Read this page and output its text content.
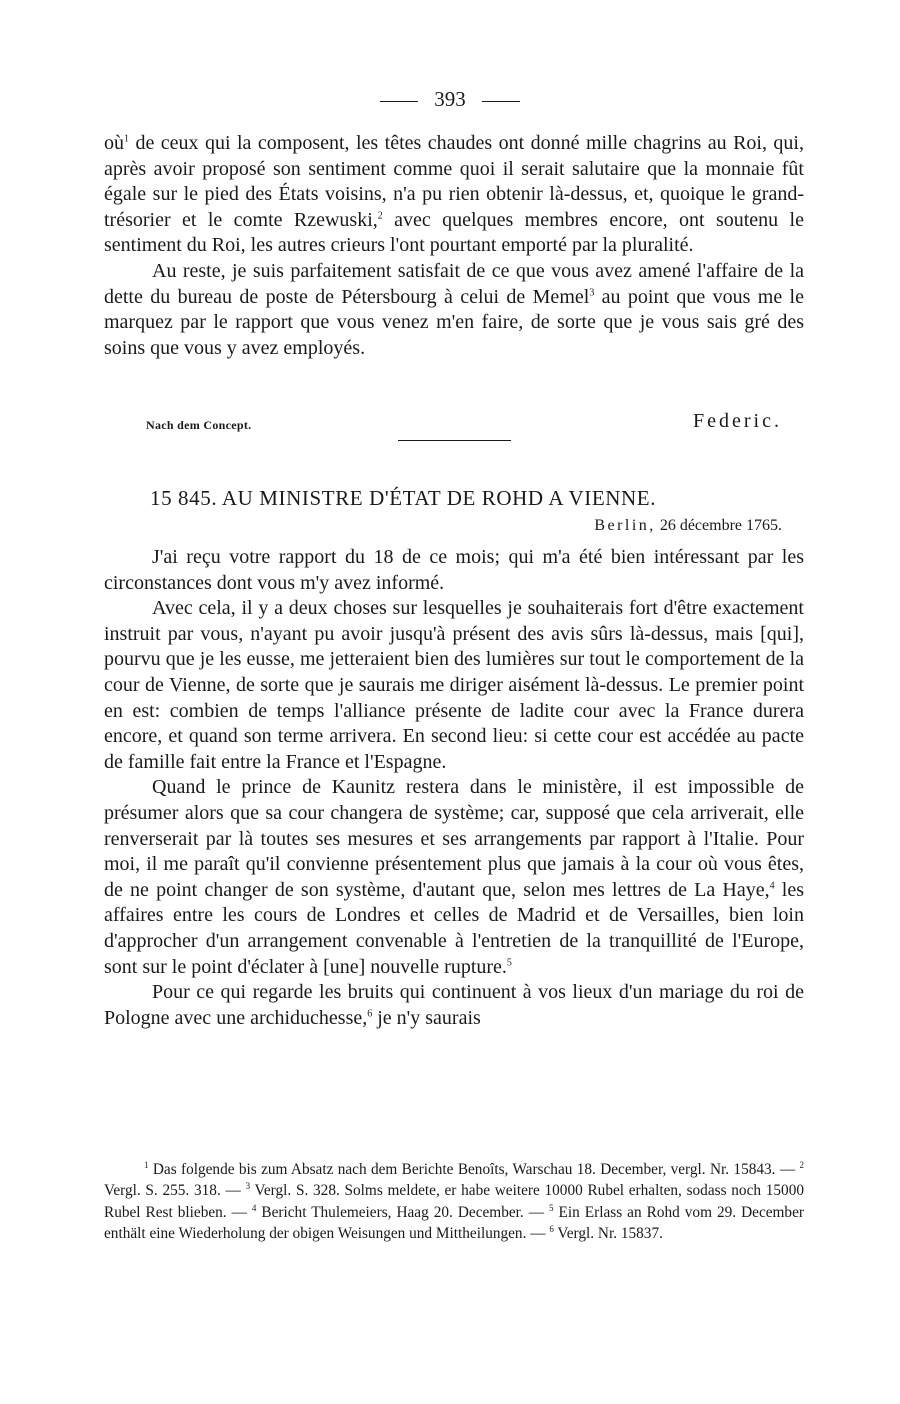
393

$où^1$ de ceux qui la composent, les têtes chaudes ont donné mille chagrins au Roi, qui, après avoir proposé son sentiment comme quoi il serait salutaire que la monnaie fût égale sur le pied des États voisins, n'a pu rien obtenir là-dessus, et, quoique le grand-trésorier et le comte Rzewuski,$^2$ avec quelques membres encore, ont soutenu le sentiment du Roi, les autres crieurs l'ont pourtant emporté par la pluralité.

Au reste, je suis parfaitement satisfait de ce que vous avez amené l'affaire de la dette du bureau de poste de Pétersbourg à celui de Memel$^3$ au point que vous me le marquez par le rapport que vous venez m'en faire, de sorte que je vous sais gré des soins que vous y avez employés.

Nach dem Concept.	Federic.
15 845. AU MINISTRE D'ÉTAT DE ROHD A VIENNE.
Berlin, 26 décembre 1765.

J'ai reçu votre rapport du 18 de ce mois; qui m'a été bien intéressant par les circonstances dont vous m'y avez informé.

Avec cela, il y a deux choses sur lesquelles je souhaiterais fort d'être exactement instruit par vous, n'ayant pu avoir jusqu'à présent des avis sûrs là-dessus, mais [qui], pourvu que je les eusse, me jetteraient bien des lumières sur tout le comportement de la cour de Vienne, de sorte que je saurais me diriger aisément là-dessus. Le premier point en est: combien de temps l'alliance présente de ladite cour avec la France durera encore, et quand son terme arrivera. En second lieu: si cette cour est accédée au pacte de famille fait entre la France et l'Espagne.

Quand le prince de Kaunitz restera dans le ministère, il est impossible de présumer alors que sa cour changera de système; car, supposé que cela arriverait, elle renverserait par là toutes ses mesures et ses arrangements par rapport à l'Italie. Pour moi, il me paraît qu'il convienne présentement plus que jamais à la cour où vous êtes, de ne point changer de son système, d'autant que, selon mes lettres de La Haye,$^4$ les affaires entre les cours de Londres et celles de Madrid et de Versailles, bien loin d'approcher d'un arrangement convenable à l'entretien de la tranquillité de l'Europe, sont sur le point d'éclater à [une] nouvelle rupture.$^5$

Pour ce qui regarde les bruits qui continuent à vos lieux d'un mariage du roi de Pologne avec une archiduchesse,$^6$ je n'y saurais

$^1$ Das folgende bis zum Absatz nach dem Berichte Benoîts, Warschau 18. December, vergl. Nr. 15843. — $^2$ Vergl. S. 255. 318. — $^3$ Vergl. S. 328. Solms meldete, er habe weitere 10000 Rubel erhalten, sodass noch 15000 Rubel Rest blieben. — $^4$ Bericht Thulemeiers, Haag 20. December. — $^5$ Ein Erlass an Rohd vom 29. December enthält eine Wiederholung der obigen Weisungen und Mittheilungen. — $^6$ Vergl. Nr. 15837.
